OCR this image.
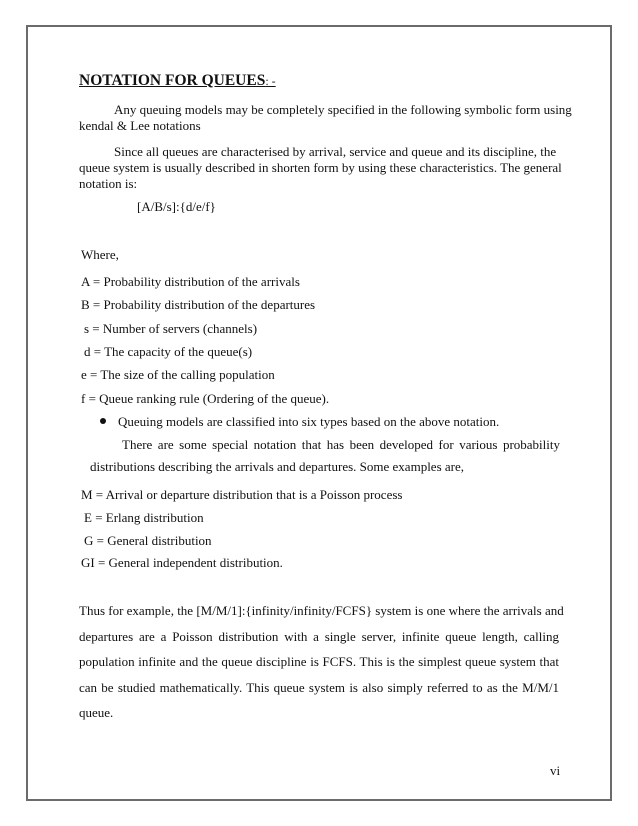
NOTATION FOR QUEUES: -
Any queuing models may be completely specified in the following symbolic form using
kendal & Lee notations
Since all queues are characterised by arrival, service and queue and its discipline, the
queue system is usually described in shorten form by using these characteristics. The general
notation is:
[A/B/s]:{d/e/f}
Where,
A = Probability distribution of the arrivals
B = Probability distribution of the departures
s = Number of servers (channels)
d = The capacity of the queue(s)
e = The size of the calling population
f = Queue ranking rule (Ordering of the queue).
Queuing models are classified into six types based on the above notation.
There are some special notation that has been developed for various probability
distributions describing the arrivals and departures. Some examples are,
M = Arrival or departure distribution that is a Poisson process
E = Erlang distribution
G = General distribution
GI = General independent distribution.
Thus for example, the [M/M/1]:{infinity/infinity/FCFS} system is one where the arrivals and
departures are a Poisson distribution with a single server, infinite queue length, calling
population infinite and the queue discipline is FCFS. This is the simplest queue system that
can be studied mathematically. This queue system is also simply referred to as the M/M/1
queue.
vi
